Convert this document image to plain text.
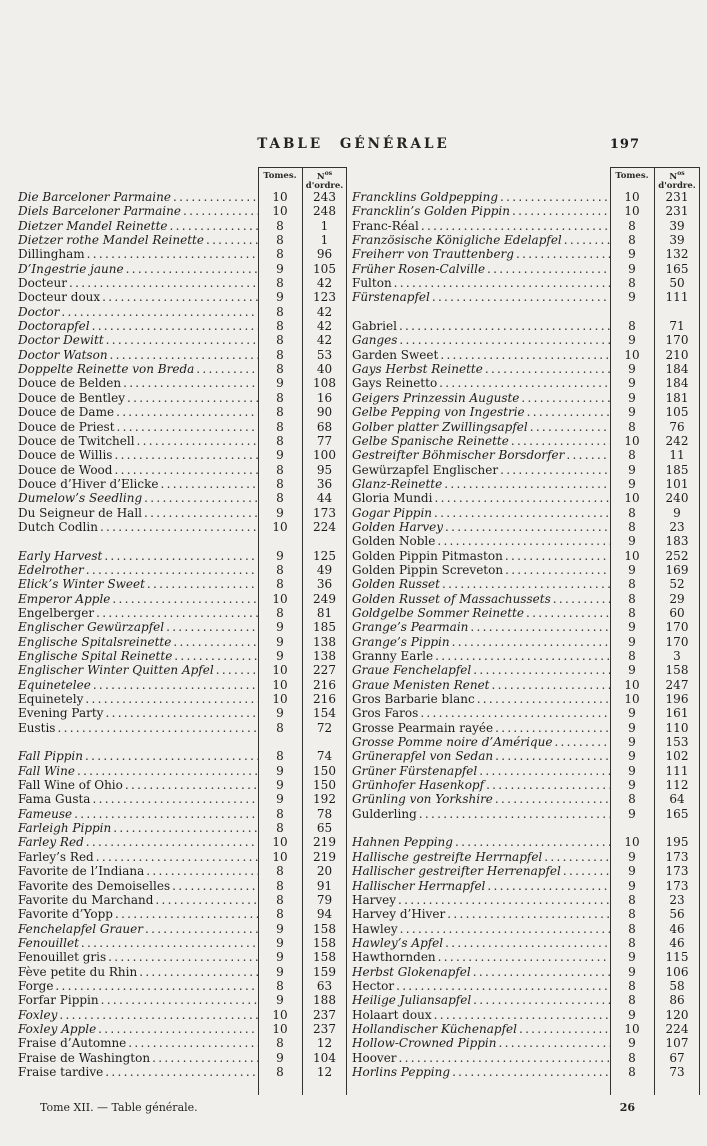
TABLE GÉNÉRALE	197
Tomes.	$N^{os}$
d'ordre.
Die Barceloner Parmaine .....	10	243
Diels Barceloner Parmaine .....	10	248
Dietzer Mandel Reinette .....	8	1
Dietzer rothe Mandel Reinette .....	8	1
Dillingham .....	8	96
D’Ingestrie jaune .....	9	105
Docteur .....	8	42
Docteur doux .....	9	123
Doctor .....	8	42
Doctorapfel .....	8	42
Doctor Dewitt .....	8	42
Doctor Watson .....	8	53
Doppelte Reinette von Breda .....	8	40
Douce de Belden .....	9	108
Douce de Bentley .....	8	16
Douce de Dame .....	8	90
Douce de Priest .....	8	68
Douce de Twitchell .....	8	77
Douce de Willis .....	9	100
Douce de Wood .....	8	95
Douce d’Hiver d’Elicke .....	8	36
Dumelow’s Seedling .....	8	44
Du Seigneur de Hall .....	9	173
Dutch Codlin .....	10	224
Early Harvest .....	9	125
Edelrother .....	8	49
Elick’s Winter Sweet .....	8	36
Emperor Apple .....	10	249
Engelberger .....	8	81
Englischer Gewürzapfel .....	9	185
Englische Spitalsreinette .....	9	138
Englische Spital Reinette .....	9	138
Englischer Winter Quitten Apfel .....	10	227
Equinetelee .....	10	216
Equinetely .....	10	216
Evening Party .....	9	154
Eustis .....	8	72
Fall Pippin .....	8	74
Fall Wine .....	9	150
Fall Wine of Ohio .....	9	150
Fama Gusta .....	9	192
Fameuse .....	8	78
Farleigh Pippin .....	8	65
Farley Red .....	10	219
Farley’s Red .....	10	219
Favorite de l’Indiana .....	8	20
Favorite des Demoiselles .....	8	91
Favorite du Marchand .....	8	79
Favorite d’Yopp .....	8	94
Fenchelapfel Grauer .....	9	158
Fenouillet .....	9	158
Fenouillet gris .....	9	158
Fève petite du Rhin .....	9	159
Forge .....	8	63
Forfar Pippin .....	9	188
Foxley .....	10	237
Foxley Apple .....	10	237
Fraise d’Automne .....	8	12
Fraise de Washington .....	9	104
Fraise tardive .....	8	12
Tomes.	$N^{os}$
d'ordre.
Francklins Goldpepping .....	10	231
Francklin’s Golden Pippin .....	10	231
Franc-Réal .....	8	39
Französische Königliche Edelapfel .....	8	39
Freiherr von Trauttenberg .....	9	132
Früher Rosen-Calville .....	9	165
Fulton .....	8	50
Fürstenapfel .....	9	111
Gabriel .....	8	71
Ganges .....	9	170
Garden Sweet .....	10	210
Gays Herbst Reinette .....	9	184
Gays Reinetto .....	9	184
Geigers Prinzessin Auguste .....	9	181
Gelbe Pepping von Ingestrie .....	9	105
Golber platter Zwillingsapfel .....	8	76
Gelbe Spanische Reinette .....	10	242
Gestreifter Böhmischer Borsdorfer .....	8	11
Gewürzapfel Englischer .....	9	185
Glanz-Reinette .....	9	101
Gloria Mundi .....	10	240
Gogar Pippin .....	8	9
Golden Harvey .....	8	23
Golden Noble .....	9	183
Golden Pippin Pitmaston .....	10	252
Golden Pippin Screveton .....	9	169
Golden Russet .....	8	52
Golden Russet of Massachussets .....	8	29
Goldgelbe Sommer Reinette .....	8	60
Grange’s Pearmain .....	9	170
Grange’s Pippin .....	9	170
Granny Earle .....	8	3
Graue Fenchelapfel .....	9	158
Graue Menisten Renet .....	10	247
Gros Barbarie blanc .....	10	196
Gros Faros .....	9	161
Grosse Pearmain rayée .....	9	110
Grosse Pomme noire d’Amérique .....	9	153
Grünerapfel von Sedan .....	9	102
Grüner Fürstenapfel .....	9	111
Grünhofer Hasenkopf .....	9	112
Grünling von Yorkshire .....	8	64
Gulderling .....	9	165
Hahnen Pepping .....	10	195
Hallische gestreifte Herrnapfel .....	9	173
Hallischer gestreifter Herrenapfel .....	9	173
Hallischer Herrnapfel .....	9	173
Harvey .....	8	23
Harvey d’Hiver .....	8	56
Hawley .....	8	46
Hawley’s Apfel .....	8	46
Hawthornden .....	9	115
Herbst Glokenapfel .....	9	106
Hector .....	8	58
Heilige Juliansapfel .....	8	86
Holaart doux .....	9	120
Hollandischer Küchenapfel .....	10	224
Hollow-Crowned Pippin .....	9	107
Hoover .....	8	67
Horlins Pepping .....	8	73
Tome XII. — Table générale.	26
